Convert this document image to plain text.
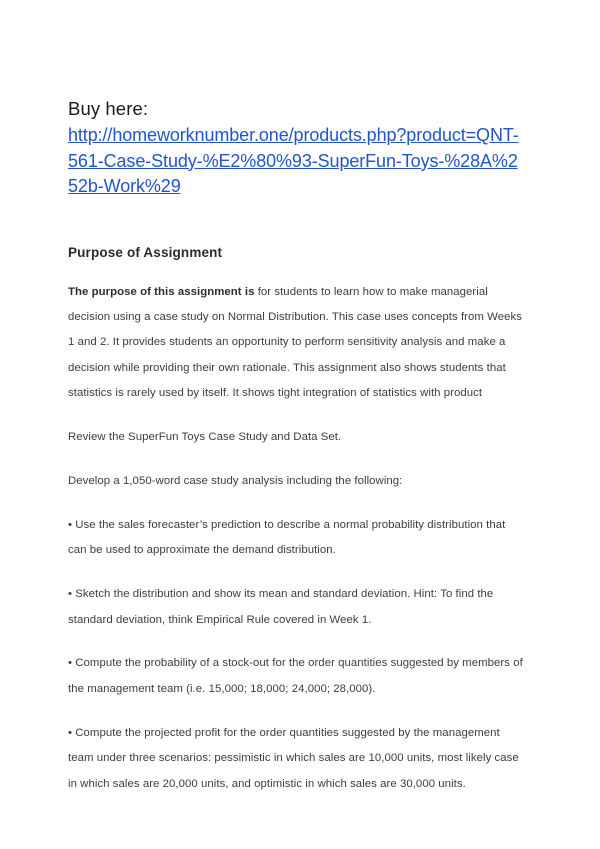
Buy here:
http://homeworknumber.one/products.php?product=QNT-561-Case-Study-%E2%80%93-SuperFun-Toys-%28A%252b-Work%29
Purpose of Assignment

The purpose of this assignment is for students to learn how to make managerial decision using a case study on Normal Distribution. This case uses concepts from Weeks 1 and 2. It provides students an opportunity to perform sensitivity analysis and make a decision while providing their own rationale. This assignment also shows students that statistics is rarely used by itself. It shows tight integration of statistics with product

Review the SuperFun Toys Case Study and Data Set.

Develop a 1,050-word case study analysis including the following:

• Use the sales forecaster’s prediction to describe a normal probability distribution that can be used to approximate the demand distribution.

• Sketch the distribution and show its mean and standard deviation. Hint: To find the standard deviation, think Empirical Rule covered in Week 1.

• Compute the probability of a stock-out for the order quantities suggested by members of the management team (i.e. 15,000; 18,000; 24,000; 28,000).

• Compute the projected profit for the order quantities suggested by the management team under three scenarios: pessimistic in which sales are 10,000 units, most likely case in which sales are 20,000 units, and optimistic in which sales are 30,000 units.
